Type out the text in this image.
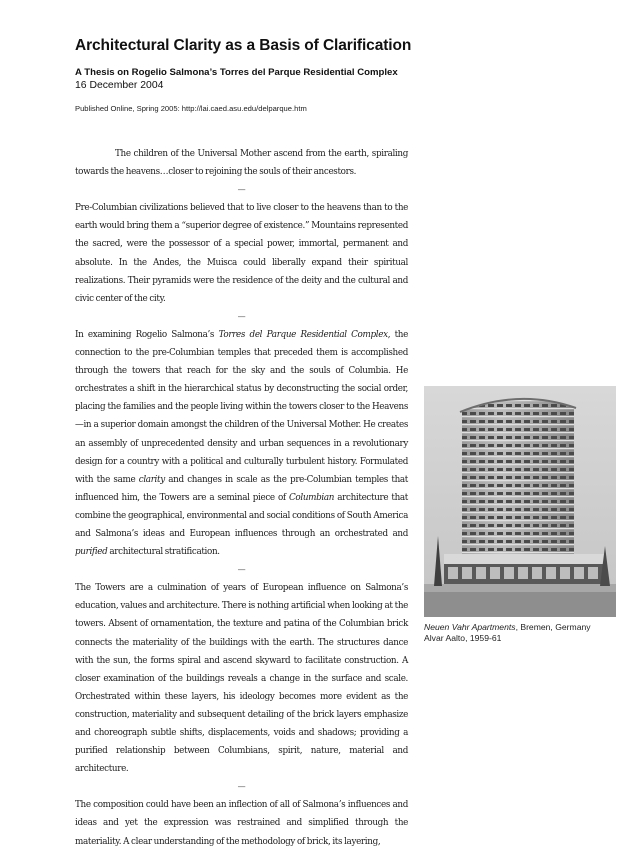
Architectural Clarity as a Basis of Clarification
A Thesis on Rogelio Salmona’s Torres del Parque Residential Complex
16 December 2004
Published Online, Spring 2005: http://lai.caed.asu.edu/delparque.htm

The children of the Universal Mother ascend from the earth, spiraling towards the heavens…closer to rejoining the souls of their ancestors.

—

Pre-Columbian civilizations believed that to live closer to the heavens than to the earth would bring them a “superior degree of existence.” Mountains represented the sacred, were the possessor of a special power, immortal, permanent and absolute. In the Andes, the Muisca could liberally expand their spiritual realizations. Their pyramids were the residence of the deity and the cultural and civic center of the city.

—

In examining Rogelio Salmona’s Torres del Parque Residential Complex, the connection to the pre-Columbian temples that preceded them is accomplished through the towers that reach for the sky and the souls of Columbia. He orchestrates a shift in the hierarchical status by deconstructing the social order, placing the families and the people living within the towers closer to the Heavens—in a superior domain amongst the children of the Universal Mother. He creates an assembly of unprecedented density and urban sequences in a revolutionary design for a country with a political and culturally turbulent history. Formulated with the same clarity and changes in scale as the pre-Columbian temples that influenced him, the Towers are a seminal piece of Columbian architecture that combine the geographical, environmental and social conditions of South America and Salmona’s ideas and European influences through an orchestrated and purified architectural stratification.

—

The Towers are a culmination of years of European influence on Salmona’s education, values and architecture. There is nothing artificial when looking at the towers. Absent of ornamentation, the texture and patina of the Columbian brick connects the materiality of the buildings with the earth. The structures dance with the sun, the forms spiral and ascend skyward to facilitate construction. A closer examination of the buildings reveals a change in the surface and scale. Orchestrated within these layers, his ideology becomes more evident as the construction, materiality and subsequent detailing of the brick layers emphasize and choreograph subtle shifts, displacements, voids and shadows; providing a purified relationship between Columbians, spirit, nature, material and architecture.

—

The composition could have been an inflection of all of Salmona’s influences and ideas and yet the expression was restrained and simplified through the materiality. A clear understanding of the methodology of brick, its layering,

Neuen Vahr Apartments, Bremen, Germany
Alvar Aalto, 1959-61
